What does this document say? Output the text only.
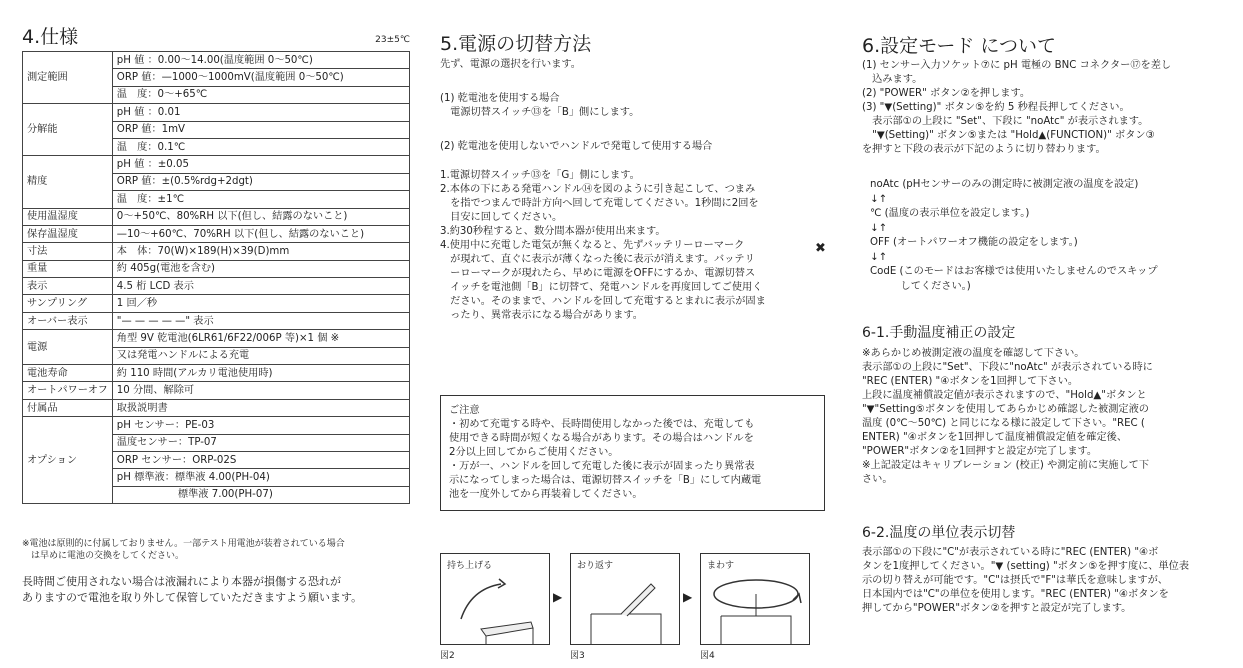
4.仕様	23±5℃
測定範囲	pH 値 ：0.00～14.00(温度範囲 0～50℃)
	ORP 値：—1000～1000mV(温度範囲 0～50℃)
	温　度：0～+65℃
分解能	pH 値 ：0.01
	ORP 値：1mV
	温　度：0.1℃
精度	pH 値 ：±0.05
	ORP 値：±(0.5%rdg+2dgt)
	温　度：±1℃
使用温湿度	0～+50℃、80%RH 以下(但し、結露のないこと)
保存温湿度	—10～+60℃、70%RH 以下(但し、結露のないこと)
寸法	本　体：70(W)×189(H)×39(D)mm
重量	約 405g(電池を含む)
表示	4.5 桁 LCD 表示
サンプリング	1 回／秒
オーバー表示	"— — — — —" 表示
電源	角型 9V 乾電池(6LR61/6F22/006P 等)×1 個 ※
	又は発電ハンドルによる充電
電池寿命	約 110 時間(アルカリ電池使用時)
オートパワーオフ	10 分間、解除可
付属品	取扱説明書
オプション	pH センサー：PE-03
	温度センサー：TP-07
	ORP センサー：ORP-02S
	pH 標準液：標準液 4.00(PH-04)
	　　　　　　標準液 7.00(PH-07)
※電池は原則的に付属しておりません。一部テスト用電池が装着されている場合
　は早めに電池の交換をしてください。
長時間ご使用されない場合は液漏れにより本器が損傷する恐れが
ありますので電池を取り外して保管していただきますよう願います。
5.電源の切替方法
先ず、電源の選択を行います。
(1) 乾電池を使用する場合
　電源切替スイッチ⑬を「B」側にします。
(2) 乾電池を使用しないでハンドルで発電して使用する場合
1.電源切替スイッチ⑬を「G」側にします。
2.本体の下にある発電ハンドル⑭を図のように引き起こして、つまみ
　を指でつまんで時計方向へ回して充電してください。1秒間に2回を
　目安に回してください。
3.約30秒程すると、数分間本器が使用出来ます。
4.使用中に充電した電気が無くなると、先ずバッテリーローマーク
　が現れて、直ぐに表示が薄くなった後に表示が消えます。バッテリ
　ーローマークが現れたら、早めに電源をOFFにするか、電源切替ス
　イッチを電池側「B」に切替て、発電ハンドルを再度回してご使用く
　ださい。そのままで、ハンドルを回して充電するとまれに表示が固ま
　ったり、異常表示になる場合があります。
✖
ご注意
・初めて充電する時や、長時間使用しなかった後では、充電しても
使用できる時間が短くなる場合があります。その場合はハンドルを
2分以上回してからご使用ください。
・万が一、ハンドルを回して充電した後に表示が固まったり異常表
示になってしまった場合は、電源切替スイッチを「B」にして内蔵電
池を一度外してから再装着してください。
持ち上げる
▶
おり返す
▶
まわす
図2	図3	図4
6.設定モード について
(1) センサー入力ソケット⑦に pH 電極の BNC コネクター⑰を差し
　込みます。
(2) "POWER" ボタン②を押します。
(3) "▼(Setting)" ボタン⑤を約 5 秒程長押してください。
　表示部①の上段に "Set"、下段に "noAtc" が表示されます。
　"▼(Setting)" ボタン⑤または "Hold▲(FUNCTION)" ボタン③
を押すと下段の表示が下記のように切り替わります。
noAtc (pHセンサーのみの測定時に被測定液の温度を設定)
↓↑
℃ (温度の表示単位を設定します。)
↓↑
OFF (オートパワーオフ機能の設定をします。)
↓↑
CodE (このモードはお客様では使用いたしませんのでスキップ
　　　してください。)
6-1.手動温度補正の設定
※あらかじめ被測定液の温度を確認して下さい。
表示部①の上段に"Set"、下段に"noAtc" が表示されている時に
"REC (ENTER) "④ボタンを1回押して下さい。
上段に温度補償設定値が表示されますので、"Hold▲"ボタンと
"▼"Setting⑤ボタンを使用してあらかじめ確認した被測定液の
温度 (0℃～50℃) と同じになる様に設定して下さい。"REC (
ENTER) "④ボタンを1回押して温度補償設定値を確定後、
"POWER"ボタン②を1回押すと設定が完了します。
※上記設定はキャリブレーション (校正) や測定前に実施して下
さい。
6-2.温度の単位表示切替
表示部①の下段に"C"が表示されている時に"REC (ENTER) "④ボ
タンを1度押してください。"▼ (setting) "ボタン⑤を押す度に、単位表
示の切り替えが可能です。"C"は摂氏で"F"は華氏を意味しますが、
日本国内では"C"の単位を使用します。"REC (ENTER) "④ボタンを
押してから"POWER"ボタン②を押すと設定が完了します。
